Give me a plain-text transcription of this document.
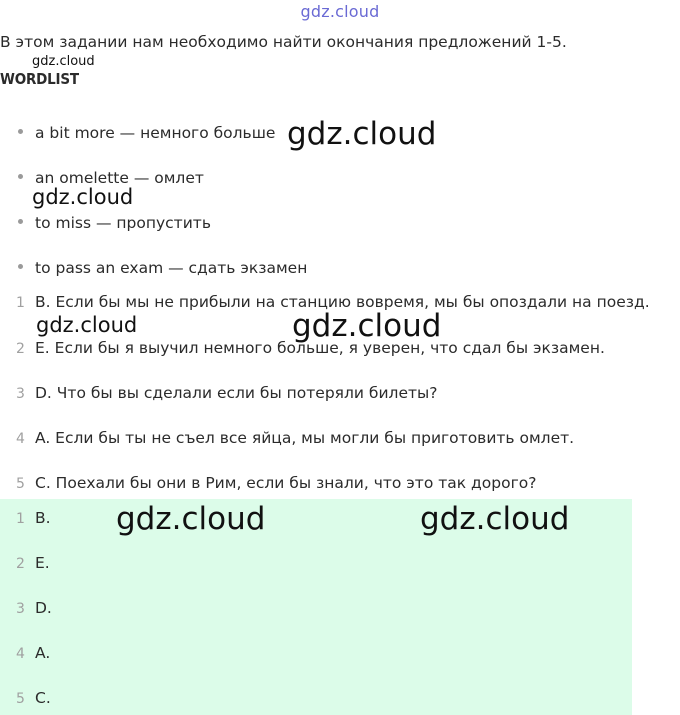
gdz.cloud
В этом задании нам необходимо найти окончания предложений 1-5.
gdz.cloud
WORDLIST
a bit more — немного больше
an omelette — омлет
to miss — пропустить
to pass an exam — сдать экзамен
gdz.cloud
gdz.cloud
1 B. Если бы мы не прибыли на станцию вовремя, мы бы опоздали на поезд.
2 E. Если бы я выучил немного больше, я уверен, что сдал бы экзамен.
3 D. Что бы вы сделали если бы потеряли билеты?
4 A. Если бы ты не съел все яйца, мы могли бы приготовить омлет.
5 C. Поехали бы они в Рим, если бы знали, что это так дорого?
gdz.cloud	gdz.cloud
1 B.
2 E.
3 D.
4 A.
5 C.
gdz.cloud	gdz.cloud
